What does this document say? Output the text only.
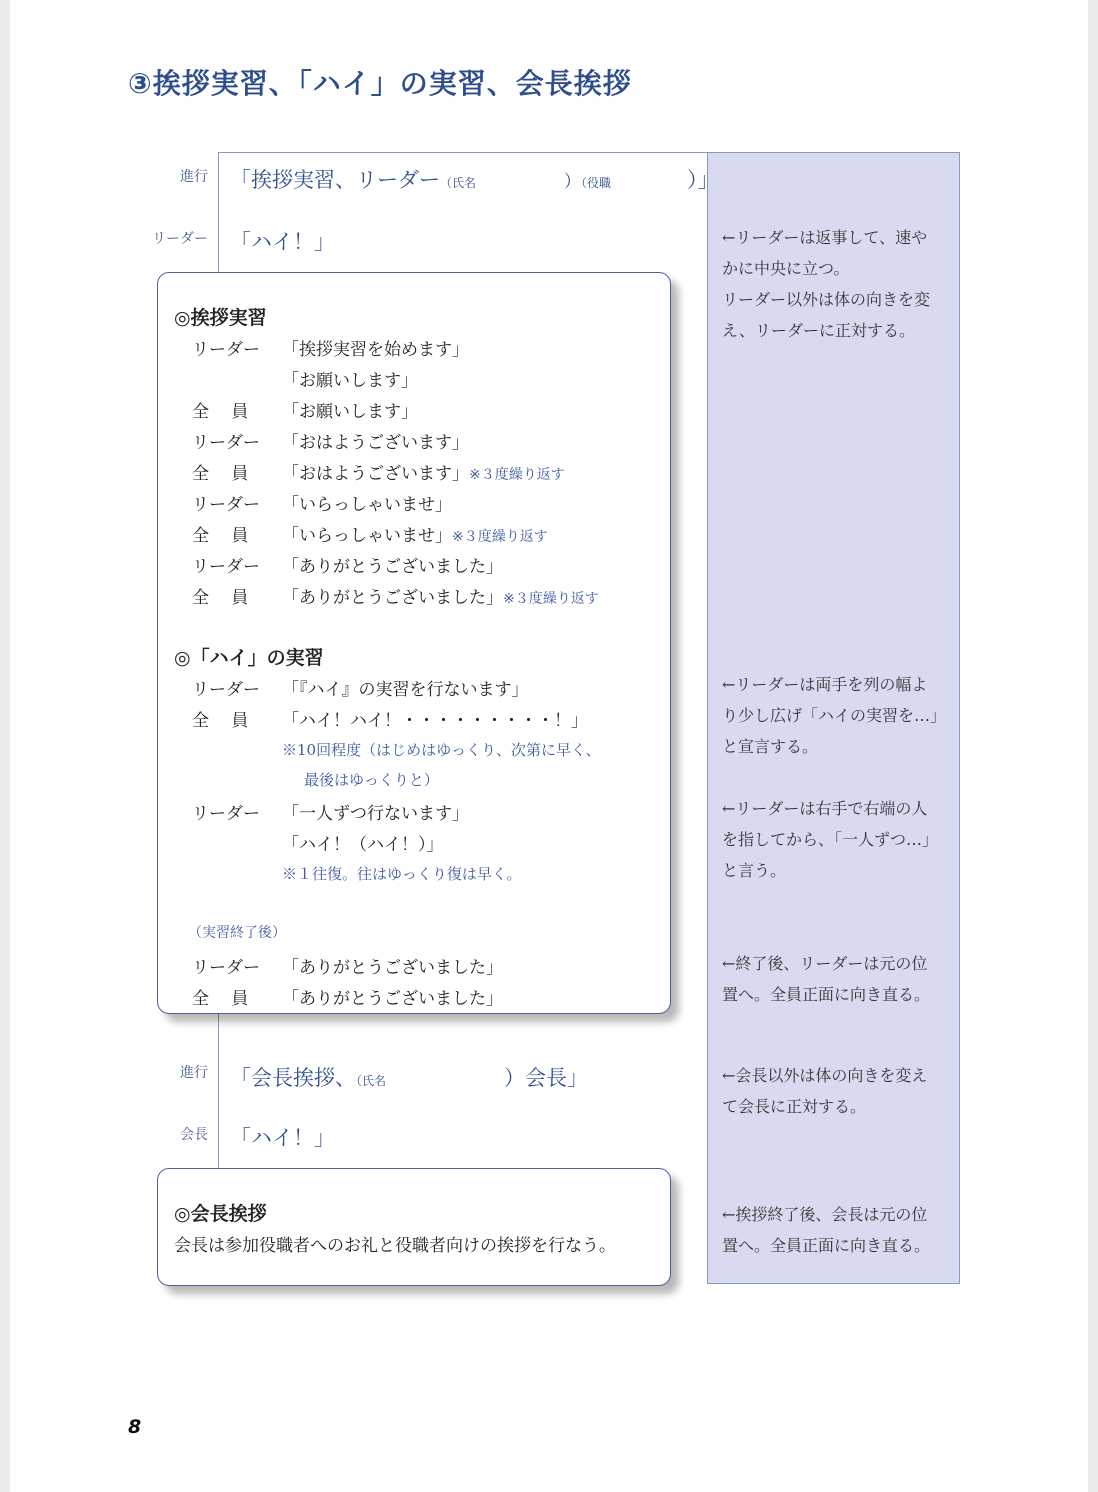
③挨拶実習、「ハイ」の実習、会長挨拶
進行 「挨拶実習、リーダー（氏名	）（役職	）」
リーダー 「ハイ！」
◎挨拶実習
リーダー 「挨拶実習を始めます」
「お願いします」
全　 員 「お願いします」
リーダー 「おはようございます」
全　 員 「おはようございます」※３度繰り返す
リーダー 「いらっしゃいませ」
全　 員 「いらっしゃいませ」※３度繰り返す
リーダー 「ありがとうございました」
全　 員 「ありがとうございました」※３度繰り返す
◎「ハイ」の実習
リーダー 「『ハイ』の実習を行ないます」
全　 員 「ハイ！ハイ！・・・・・・・・・！」
※10回程度（はじめはゆっくり、次第に早く、
最後はゆっくりと）
リーダー 「一人ずつ行ないます」
「ハイ！（ハイ！）」
※１往復。往はゆっくり復は早く。
（実習終了後）
リーダー 「ありがとうございました」
全　 員 「ありがとうございました」
進行 「会長挨拶、（氏名	）会長」
会長 「ハイ！」
◎会長挨拶
会長は参加役職者へのお礼と役職者向けの挨拶を行なう。
←リーダーは返事して、速や
かに中央に立つ。
リーダー以外は体の向きを変
え、リーダーに正対する。
←リーダーは両手を列の幅よ
り少し広げ「ハイの実習を…」
と宣言する。
←リーダーは右手で右端の人
を指してから、「一人ずつ…」
と言う。
←終了後、リーダーは元の位
置へ。全員正面に向き直る。
←会長以外は体の向きを変え
て会長に正対する。
←挨拶終了後、会長は元の位
置へ。全員正面に向き直る。
8
